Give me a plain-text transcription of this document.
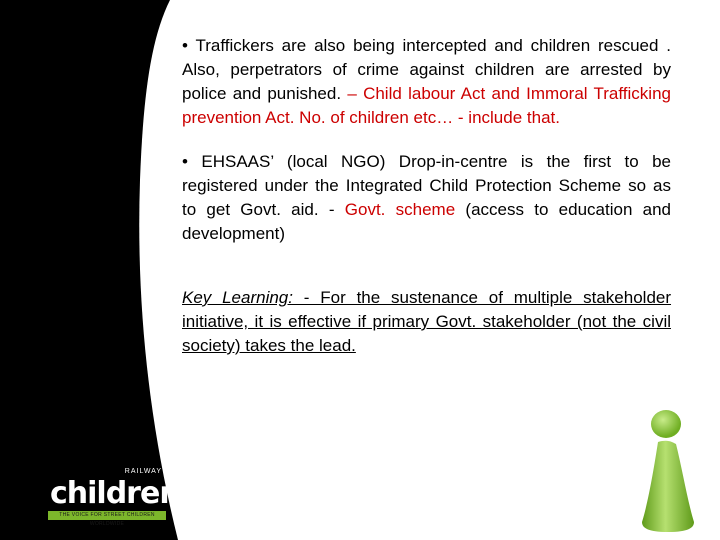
• Traffickers are also being intercepted and children rescued . Also, perpetrators of crime against children are arrested by police and punished. – Child labour Act and Immoral Trafficking prevention Act. No. of children etc… - include that.

• EHSAAS’ (local NGO) Drop-in-centre is the first to be registered under the Integrated Child Protection Scheme so as to get Govt. aid. - Govt. scheme (access to education and development)

Key Learning: - For the sustenance of multiple stakeholder initiative, it is effective if primary Govt. stakeholder (not the civil society) takes the lead.

RAILWAY
children
THE VOICE FOR STREET CHILDREN WORLDWIDE
